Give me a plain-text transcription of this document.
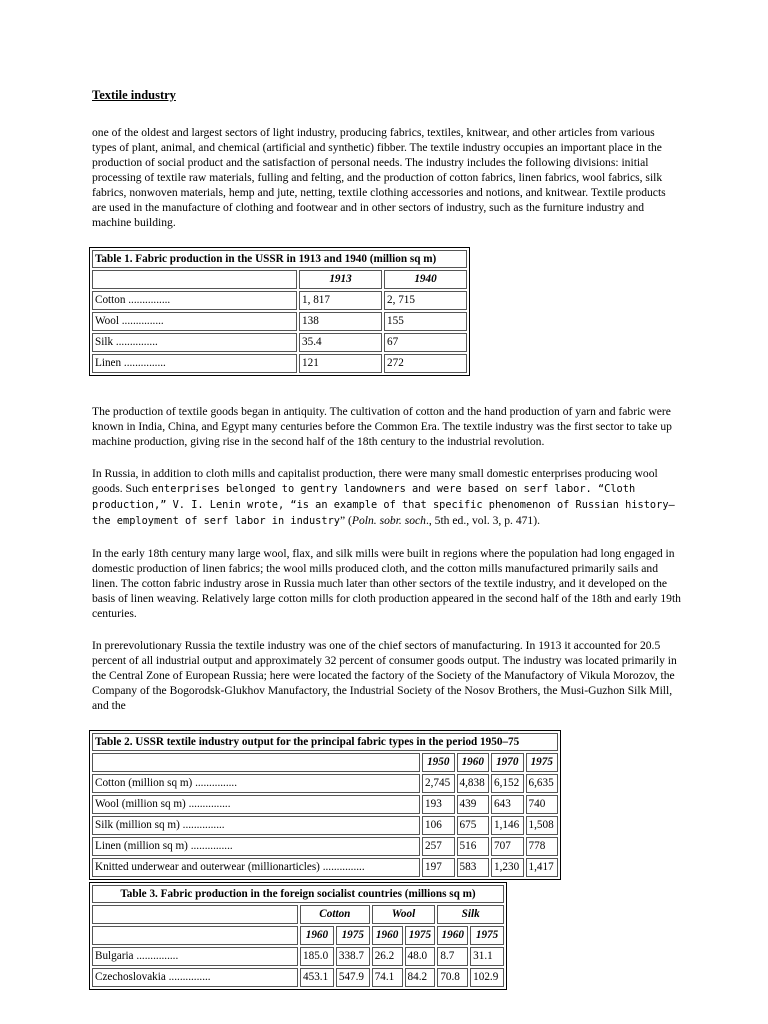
Textile industry

one of the oldest and largest sectors of light industry, producing fabrics, textiles, knitwear, and other articles from various types of plant, animal, and chemical (artificial and synthetic) fibber. The textile industry occupies an important place in the production of social product and the satisfaction of personal needs. The industry includes the following divisions: initial processing of textile raw materials, fulling and felting, and the production of cotton fabrics, linen fabrics, wool fabrics, silk fabrics, nonwoven materials, hemp and jute, netting, textile clothing accessories and notions, and knitwear. Textile products are used in the manufacture of clothing and footwear and in other sectors of industry, such as the furniture industry and machine building.

Table 1. Fabric production in the USSR in 1913 and 1940 (million sq m)		
	1913	1940
Cotton ...............	1, 817	2, 715
Wool ...............	138	155
Silk ...............	35.4	67
Linen ...............	121	272

The production of textile goods began in antiquity. The cultivation of cotton and the hand production of yarn and fabric were known in India, China, and Egypt many centuries before the Common Era. The textile industry was the first sector to take up machine production, giving rise in the second half of the 18th century to the industrial revolution.

In Russia, in addition to cloth mills and capitalist production, there were many small domestic enterprises producing wool goods. Such enterprises belonged to gentry landowners and were based on serf labor. “Cloth production,” V. I. Lenin wrote, “is an example of that specific phenomenon of Russian history—the employment of serf labor in industry” (Poln. sobr. soch., 5th ed., vol. 3, p. 471).

In the early 18th century many large wool, flax, and silk mills were built in regions where the population had long engaged in domestic production of linen fabrics; the wool mills produced cloth, and the cotton mills manufactured primarily sails and linen. The cotton fabric industry arose in Russia much later than other sectors of the textile industry, and it developed on the basis of linen weaving. Relatively large cotton mills for cloth production appeared in the second half of the 18th and early 19th centuries.

In prerevolutionary Russia the textile industry was one of the chief sectors of manufacturing. In 1913 it accounted for 20.5 percent of all industrial output and approximately 32 percent of consumer goods output. The industry was located primarily in the Central Zone of European Russia; here were located the factory of the Society of the Manufactory of Vikula Morozov, the Company of the Bogorodsk-Glukhov Manufactory, the Industrial Society of the Nosov Brothers, the Musi-Guzhon Silk Mill, and the

Table 2. USSR textile industry output for the principal fabric types in the period 1950–75				
	1950	1960	1970	1975
Cotton (million sq m) ...............	2,745	4,838	6,152	6,635
Wool (million sq m) ...............	193	439	643	740
Silk (million sq m) ...............	106	675	1,146	1,508
Linen (million sq m) ...............	257	516	707	778
Knitted underwear and outerwear (millionarticles) ...............	197	583	1,230	1,417
Table 3. Fabric production in the foreign socialist countries (millions sq m)						
	Cotton		Wool		Silk	
	1960	1975	1960	1975	1960	1975
Bulgaria ...............	185.0	338.7	26.2	48.0	8.7	31.1
Czechoslovakia ...............	453.1	547.9	74.1	84.2	70.8	102.9
